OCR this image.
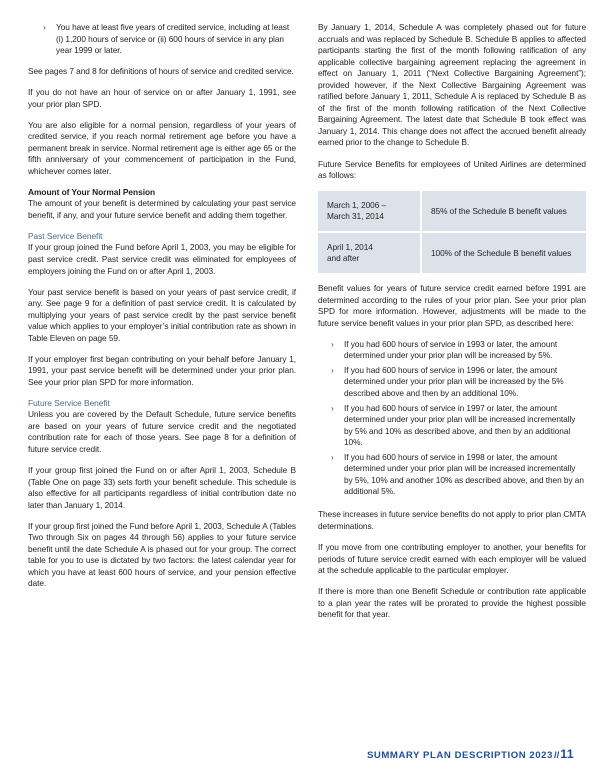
› You have at least five years of credited service, including at least (i) 1,200 hours of service or (ii) 600 hours of service in any plan year 1999 or later.

See pages 7 and 8 for definitions of hours of service and credited service.

If you do not have an hour of service on or after January 1, 1991, see your prior plan SPD.

You are also eligible for a normal pension, regardless of your years of credited service, if you reach normal retirement age before you have a permanent break in service. Normal retirement age is either age 65 or the fifth anniversary of your commencement of participation in the Fund, whichever comes later.

Amount of Your Normal Pension

The amount of your benefit is determined by calculating your past service benefit, if any, and your future service benefit and adding them together.

Past Service Benefit

If your group joined the Fund before April 1, 2003, you may be eligible for past service credit. Past service credit was eliminated for employees of employers joining the Fund on or after April 1, 2003.

Your past service benefit is based on your years of past service credit, if any. See page 9 for a definition of past service credit. It is calculated by multiplying your years of past service credit by the past service benefit value which applies to your employer’s initial contribution rate as shown in Table Eleven on page 59.

If your employer first began contributing on your behalf before January 1, 1991, your past service benefit will be determined under your prior plan. See your prior plan SPD for more information.

Future Service Benefit

Unless you are covered by the Default Schedule, future service benefits are based on your years of future service credit and the negotiated contribution rate for each of those years. See page 8 for a definition of future service credit.

If your group first joined the Fund on or after April 1, 2003, Schedule B (Table One on page 33) sets forth your benefit schedule. This schedule is also effective for all participants regardless of initial contribution date no later than January 1, 2014.

If your group first joined the Fund before April 1, 2003, Schedule A (Tables Two through Six on pages 44 through 56) applies to your future service benefit until the date Schedule A is phased out for your group. The correct table for you to use is dictated by two factors: the latest calendar year for which you have at least 600 hours of service, and your pension effective date.

By January 1, 2014, Schedule A was completely phased out for future accruals and was replaced by Schedule B. Schedule B applies to affected participants starting the first of the month following ratification of any applicable collective bargaining agreement replacing the agreement in effect on January 1, 2011 (“Next Collective Bargaining Agreement”); provided however, if the Next Collective Bargaining Agreement was ratified before January 1, 2011, Schedule A is replaced by Schedule B as of the first of the month following ratification of the Next Collective Bargaining Agreement. The latest date that Schedule B took effect was January 1, 2014. This change does not affect the accrued benefit already earned prior to the change to Schedule B.

Future Service Benefits for employees of United Airlines are determined as follows:

March 1, 2006 –
March 31, 2014	85% of the Schedule B benefit values
April 1, 2014
and after	100% of the Schedule B benefit values

Benefit values for years of future service credit earned before 1991 are determined according to the rules of your prior plan. See your prior plan SPD for more information. However, adjustments will be made to the future service benefit values in your prior plan SPD, as described here:

› If you had 600 hours of service in 1993 or later, the amount determined under your prior plan will be increased by 5%.
› If you had 600 hours of service in 1996 or later, the amount determined under your prior plan will be increased by the 5% described above and then by an additional 10%.
› If you had 600 hours of service in 1997 or later, the amount determined under your prior plan will be increased incrementally by 5% and 10% as described above, and then by an additional 10%.
› If you had 600 hours of service in 1998 or later, the amount determined under your prior plan will be increased incrementally by 5%, 10% and another 10% as described above, and then by an additional 5%.

These increases in future service benefits do not apply to prior plan CMTA determinations.

If you move from one contributing employer to another, your benefits for periods of future service credit earned with each employer will be valued at the schedule applicable to the particular employer.

If there is more than one Benefit Schedule or contribution rate applicable to a plan year the rates will be prorated to provide the highest possible benefit for that year.

SUMMARY PLAN DESCRIPTION 2023//11
